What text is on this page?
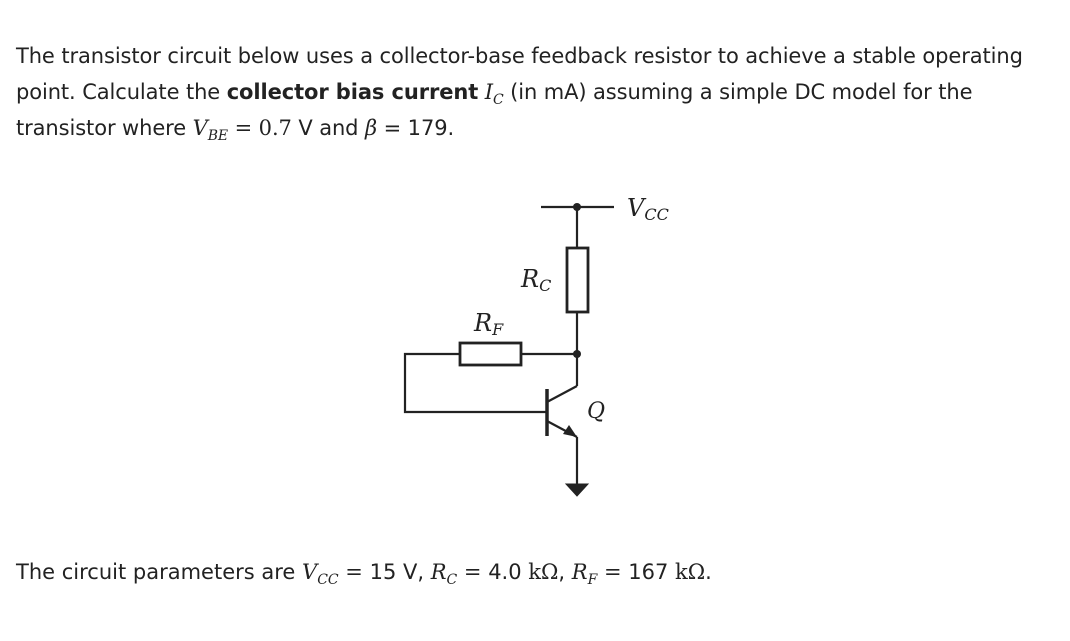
The transistor circuit below uses a collector-base feedback resistor to achieve a stable operating point. Calculate the collector bias current $I_C$ (in mA) assuming a simple DC model for the transistor where $V_{BE} = 0.7$ V and β = 179.
VCC
RC
RF
Q
The circuit parameters are $V_{CC} = 15$ V, $R_C = 4.0$ kΩ, $R_F = 167$ kΩ.
